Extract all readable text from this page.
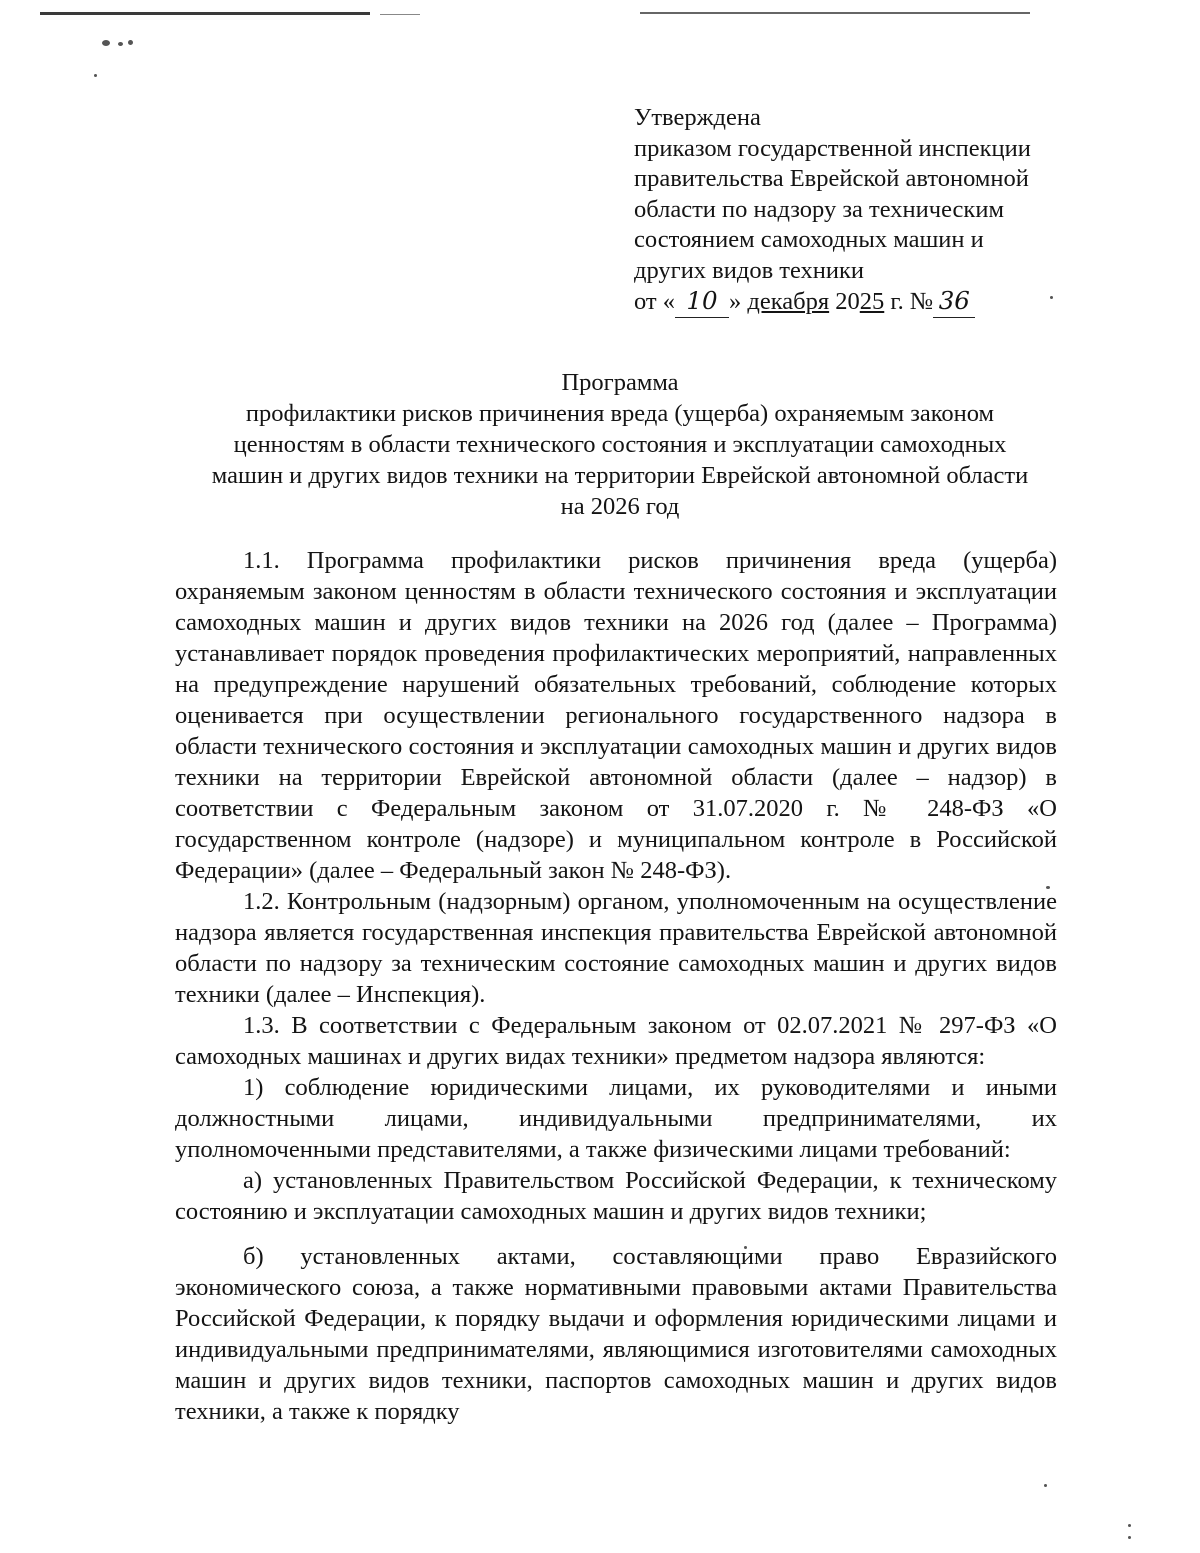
Утверждена
приказом государственной инспекции
правительства Еврейской автономной
области по надзору за техническим
состоянием самоходных машин и
других видов техники
от « 10 » декабря 2025 г. № 36
Программа
профилактики рисков причинения вреда (ущерба) охраняемым законом
ценностям в области технического состояния и эксплуатации самоходных
машин и других видов техники на территории Еврейской автономной области
на 2026 год

1.1. Программа профилактики рисков причинения вреда (ущерба) охраняемым законом ценностям в области технического состояния и эксплуатации самоходных машин и других видов техники на 2026 год (далее – Программа) устанавливает порядок проведения профилактических мероприятий, направленных на предупреждение нарушений обязательных требований, соблюдение которых оценивается при осуществлении регионального государственного надзора в области технического состояния и эксплуатации самоходных машин и других видов техники на территории Еврейской автономной области (далее – надзор) в соответствии с Федеральным законом от 31.07.2020 г. № 248-ФЗ «О государственном контроле (надзоре) и муниципальном контроле в Российской Федерации» (далее – Федеральный закон № 248-ФЗ).

1.2. Контрольным (надзорным) органом, уполномоченным на осуществление надзора является государственная инспекция правительства Еврейской автономной области по надзору за техническим состояние самоходных машин и других видов техники (далее – Инспекция).

1.3. В соответствии с Федеральным законом от 02.07.2021 № 297-ФЗ «О самоходных машинах и других видах техники» предметом надзора являются:

1) соблюдение юридическими лицами, их руководителями и иными должностными лицами, индивидуальными предпринимателями, их уполномоченными представителями, а также физическими лицами требований:

а) установленных Правительством Российской Федерации, к техническому состоянию и эксплуатации самоходных машин и других видов техники;

б) установленных актами, составляющими право Евразийского экономического союза, а также нормативными правовыми актами Правительства Российской Федерации, к порядку выдачи и оформления юридическими лицами и индивидуальными предпринимателями, являющимися изготовителями самоходных машин и других видов техники, паспортов самоходных машин и других видов техники, а также к порядку
